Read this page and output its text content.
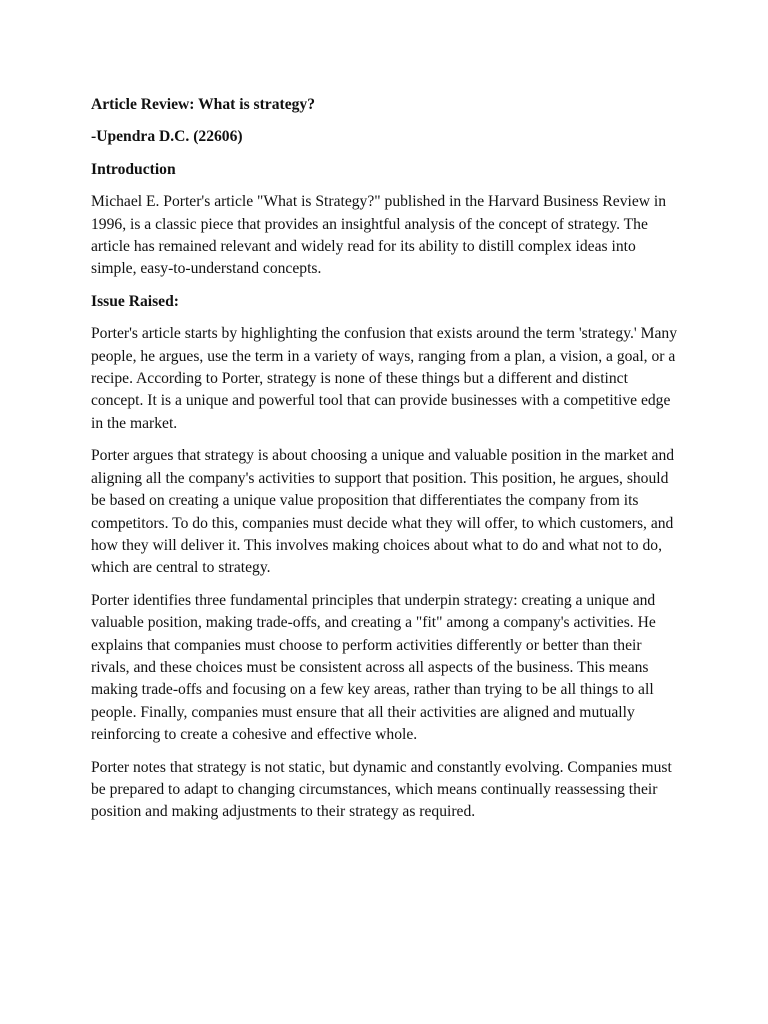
Article Review: What is strategy?

-Upendra D.C. (22606)

Introduction

Michael E. Porter's article "What is Strategy?" published in the Harvard Business Review in 1996, is a classic piece that provides an insightful analysis of the concept of strategy. The article has remained relevant and widely read for its ability to distill complex ideas into simple, easy-to-understand concepts.

Issue Raised:

Porter's article starts by highlighting the confusion that exists around the term 'strategy.' Many people, he argues, use the term in a variety of ways, ranging from a plan, a vision, a goal, or a recipe. According to Porter, strategy is none of these things but a different and distinct concept. It is a unique and powerful tool that can provide businesses with a competitive edge in the market.

Porter argues that strategy is about choosing a unique and valuable position in the market and aligning all the company's activities to support that position. This position, he argues, should be based on creating a unique value proposition that differentiates the company from its competitors. To do this, companies must decide what they will offer, to which customers, and how they will deliver it. This involves making choices about what to do and what not to do, which are central to strategy.

Porter identifies three fundamental principles that underpin strategy: creating a unique and valuable position, making trade-offs, and creating a "fit" among a company's activities. He explains that companies must choose to perform activities differently or better than their rivals, and these choices must be consistent across all aspects of the business. This means making trade-offs and focusing on a few key areas, rather than trying to be all things to all people. Finally, companies must ensure that all their activities are aligned and mutually reinforcing to create a cohesive and effective whole.

Porter notes that strategy is not static, but dynamic and constantly evolving. Companies must be prepared to adapt to changing circumstances, which means continually reassessing their position and making adjustments to their strategy as required.
